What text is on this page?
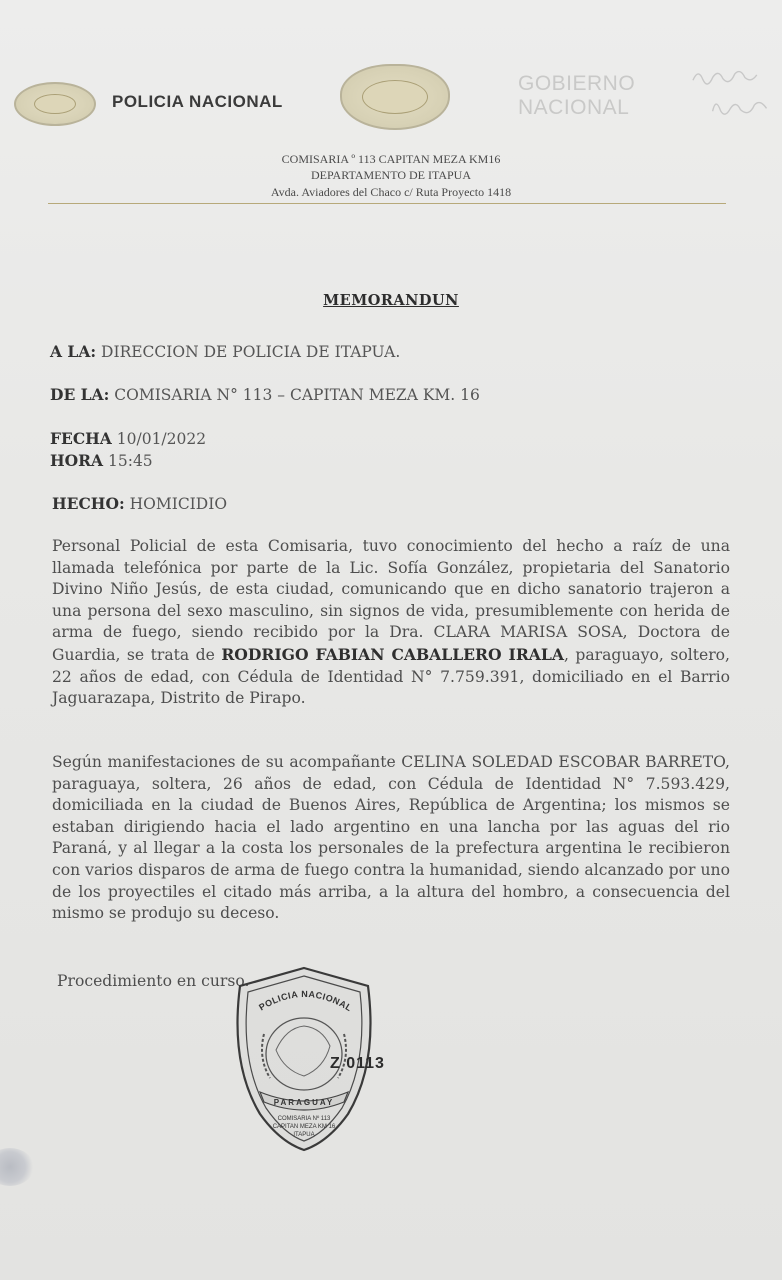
POLICIA NACIONAL
GOBIERNO
NACIONAL
COMISARIA º 113 CAPITAN MEZA KM16
DEPARTAMENTO DE ITAPUA
Avda. Aviadores del Chaco c/ Ruta Proyecto 1418
MEMORANDUN
A LA: DIRECCION DE POLICIA DE ITAPUA.
DE LA: COMISARIA N° 113 – CAPITAN MEZA KM. 16
FECHA 10/01/2022
HORA 15:45
HECHO: HOMICIDIO
Personal Policial de esta Comisaria, tuvo conocimiento del hecho a raíz de una llamada telefónica por parte de la Lic. Sofía González, propietaria del Sanatorio Divino Niño Jesús, de esta ciudad, comunicando que en dicho sanatorio trajeron a una persona del sexo masculino, sin signos de vida, presumiblemente con herida de arma de fuego, siendo recibido por la Dra. CLARA MARISA SOSA, Doctora de Guardia, se trata de RODRIGO FABIAN CABALLERO IRALA, paraguayo, soltero, 22 años de edad, con Cédula de Identidad N° 7.759.391, domiciliado en el Barrio Jaguarazapa, Distrito de Pirapo.
Según manifestaciones de su acompañante CELINA SOLEDAD ESCOBAR BARRETO, paraguaya, soltera, 26 años de edad, con Cédula de Identidad N° 7.593.429, domiciliada en la ciudad de Buenos Aires, República de Argentina; los mismos se estaban dirigiendo hacia el lado argentino en una lancha por las aguas del rio Paraná, y al llegar a la costa los personales de la prefectura argentina le recibieron con varios disparos de arma de fuego contra la humanidad, siendo alcanzado por uno de los proyectiles el citado más arriba, a la altura del hombro, a consecuencia del mismo se produjo su deceso.
Procedimiento en curso.
POLICIA NACIONAL
PARAGUAY
COMISARIA Nº 113
CAPITAN MEZA KM 16
ITAPUA
Z 0113
